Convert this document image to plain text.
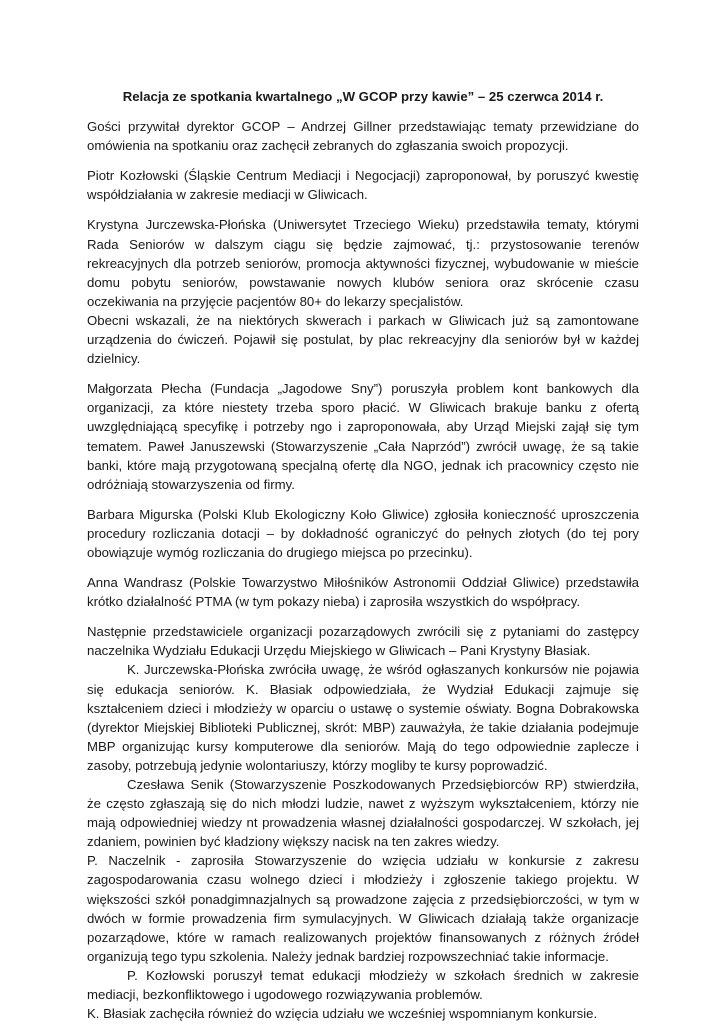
Relacja ze spotkania kwartalnego „W GCOP przy kawie” – 25 czerwca 2014 r.

Gości przywitał dyrektor GCOP – Andrzej Gillner przedstawiając tematy przewidziane do omówienia na spotkaniu oraz zachęcił zebranych do zgłaszania swoich propozycji.

Piotr Kozłowski (Śląskie Centrum Mediacji i Negocjacji) zaproponował, by poruszyć kwestię współdziałania w zakresie mediacji w Gliwicach.

Krystyna Jurczewska-Płońska (Uniwersytet Trzeciego Wieku) przedstawiła tematy, którymi Rada Seniorów w dalszym ciągu się będzie zajmować, tj.: przystosowanie terenów rekreacyjnych dla potrzeb seniorów, promocja aktywności fizycznej, wybudowanie w mieście domu pobytu seniorów, powstawanie nowych klubów seniora oraz skrócenie czasu oczekiwania na przyjęcie pacjentów 80+ do lekarzy specjalistów.

Obecni wskazali, że na niektórych skwerach i parkach w Gliwicach już są zamontowane urządzenia do ćwiczeń. Pojawił się postulat, by plac rekreacyjny dla seniorów był w każdej dzielnicy.

Małgorzata Płecha (Fundacja „Jagodowe Sny”) poruszyła problem kont bankowych dla organizacji, za które niestety trzeba sporo płacić. W Gliwicach brakuje banku z ofertą uwzględniającą specyfikę i potrzeby ngo i zaproponowała, aby Urząd Miejski zajął się tym tematem. Paweł Januszewski (Stowarzyszenie „Cała Naprzód”) zwrócił uwagę, że są takie banki, które mają przygotowaną specjalną ofertę dla NGO, jednak ich pracownicy często nie odróżniają stowarzyszenia od firmy.

Barbara Migurska (Polski Klub Ekologiczny Koło Gliwice) zgłosiła konieczność uproszczenia procedury rozliczania dotacji – by dokładność ograniczyć do pełnych złotych (do tej pory obowiązuje wymóg rozliczania do drugiego miejsca po przecinku).

Anna Wandrasz (Polskie Towarzystwo Miłośników Astronomii Oddział Gliwice) przedstawiła krótko działalność PTMA (w tym pokazy nieba) i zaprosiła wszystkich do współpracy.

Następnie przedstawiciele organizacji pozarządowych zwrócili się z pytaniami do zastępcy naczelnika Wydziału Edukacji Urzędu Miejskiego w Gliwicach – Pani Krystyny Błasiak.

K. Jurczewska-Płońska zwróciła uwagę, że wśród ogłaszanych konkursów nie pojawia się edukacja seniorów. K. Błasiak odpowiedziała, że Wydział Edukacji zajmuje się kształceniem dzieci i młodzieży w oparciu o ustawę o systemie oświaty. Bogna Dobrakowska (dyrektor Miejskiej Biblioteki Publicznej, skrót: MBP) zauważyła, że takie działania podejmuje MBP organizując kursy komputerowe dla seniorów. Mają do tego odpowiednie zaplecze i zasoby, potrzebują jedynie wolontariuszy, którzy mogliby te kursy poprowadzić.

Czesława Senik (Stowarzyszenie Poszkodowanych Przedsiębiorców RP) stwierdziła, że często zgłaszają się do nich młodzi ludzie, nawet z wyższym wykształceniem, którzy nie mają odpowiedniej wiedzy nt prowadzenia własnej działalności gospodarczej. W szkołach, jej zdaniem, powinien być kładziony większy nacisk na ten zakres wiedzy.

P. Naczelnik - zaprosiła Stowarzyszenie do wzięcia udziału w konkursie z zakresu zagospodarowania czasu wolnego dzieci i młodzieży i zgłoszenie takiego projektu. W większości szkół ponadgimnazjalnych są prowadzone zajęcia z przedsiębiorczości, w tym w dwóch w formie prowadzenia firm symulacyjnych. W Gliwicach działają także organizacje pozarządowe, które w ramach realizowanych projektów finansowanych z różnych źródeł organizują tego typu szkolenia. Należy jednak bardziej rozpowszechniać takie informacje.

P. Kozłowski poruszył temat edukacji młodzieży w szkołach średnich w zakresie mediacji, bezkonfliktowego i ugodowego rozwiązywania problemów.

K. Błasiak zachęciła również do wzięcia udziału we wcześniej wspomnianym konkursie.
